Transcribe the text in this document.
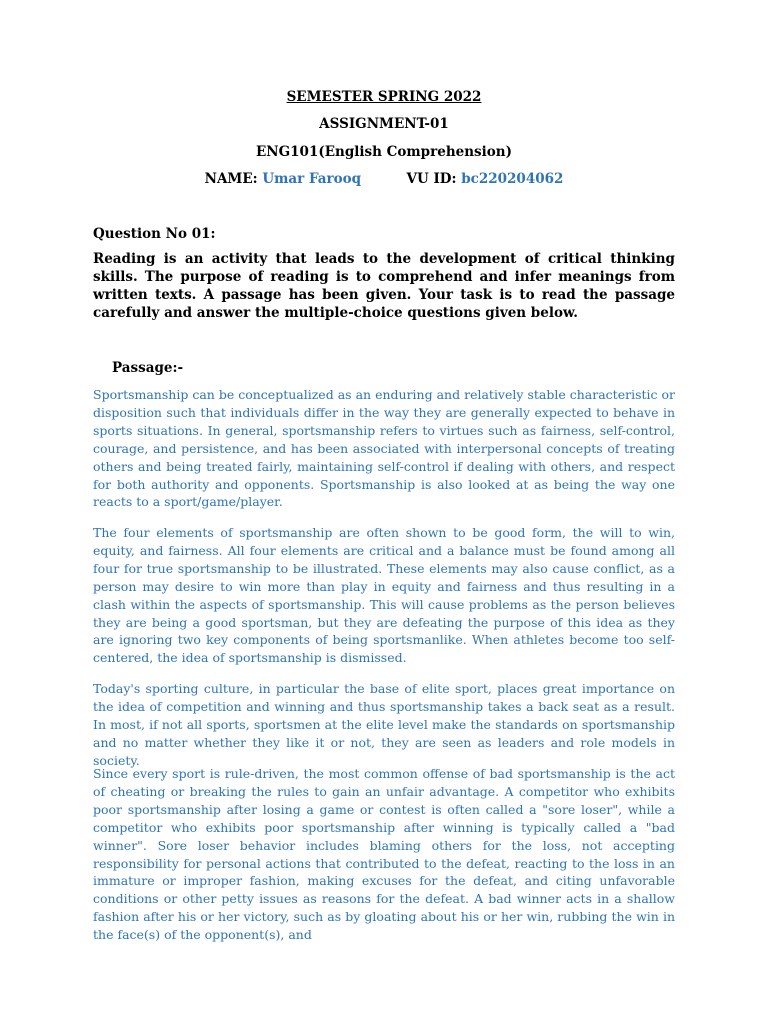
SEMESTER SPRING 2022
ASSIGNMENT-01
ENG101(English Comprehension)
NAME: Umar Farooq	VU ID: bc220204062
Question No 01:
Reading is an activity that leads to the development of critical thinking skills. The purpose of reading is to comprehend and infer meanings from written texts. A passage has been given. Your task is to read the passage carefully and answer the multiple-choice questions given below.
Passage:-

Sportsmanship can be conceptualized as an enduring and relatively stable characteristic or disposition such that individuals differ in the way they are generally expected to behave in sports situations. In general, sportsmanship refers to virtues such as fairness, self-control, courage, and persistence, and has been associated with interpersonal concepts of treating others and being treated fairly, maintaining self-control if dealing with others, and respect for both authority and opponents. Sportsmanship is also looked at as being the way one reacts to a sport/game/player.

The four elements of sportsmanship are often shown to be good form, the will to win, equity, and fairness. All four elements are critical and a balance must be found among all four for true sportsmanship to be illustrated. These elements may also cause conflict, as a person may desire to win more than play in equity and fairness and thus resulting in a clash within the aspects of sportsmanship. This will cause problems as the person believes they are being a good sportsman, but they are defeating the purpose of this idea as they are ignoring two key components of being sportsmanlike. When athletes become too self-centered, the idea of sportsmanship is dismissed.

Today's sporting culture, in particular the base of elite sport, places great importance on the idea of competition and winning and thus sportsmanship takes a back seat as a result. In most, if not all sports, sportsmen at the elite level make the standards on sportsmanship and no matter whether they like it or not, they are seen as leaders and role models in society.

Since every sport is rule-driven, the most common offense of bad sportsmanship is the act of cheating or breaking the rules to gain an unfair advantage. A competitor who exhibits poor sportsmanship after losing a game or contest is often called a "sore loser", while a competitor who exhibits poor sportsmanship after winning is typically called a "bad winner". Sore loser behavior includes blaming others for the loss, not accepting responsibility for personal actions that contributed to the defeat, reacting to the loss in an immature or improper fashion, making excuses for the defeat, and citing unfavorable conditions or other petty issues as reasons for the defeat. A bad winner acts in a shallow fashion after his or her victory, such as by gloating about his or her win, rubbing the win in the face(s) of the opponent(s), and
